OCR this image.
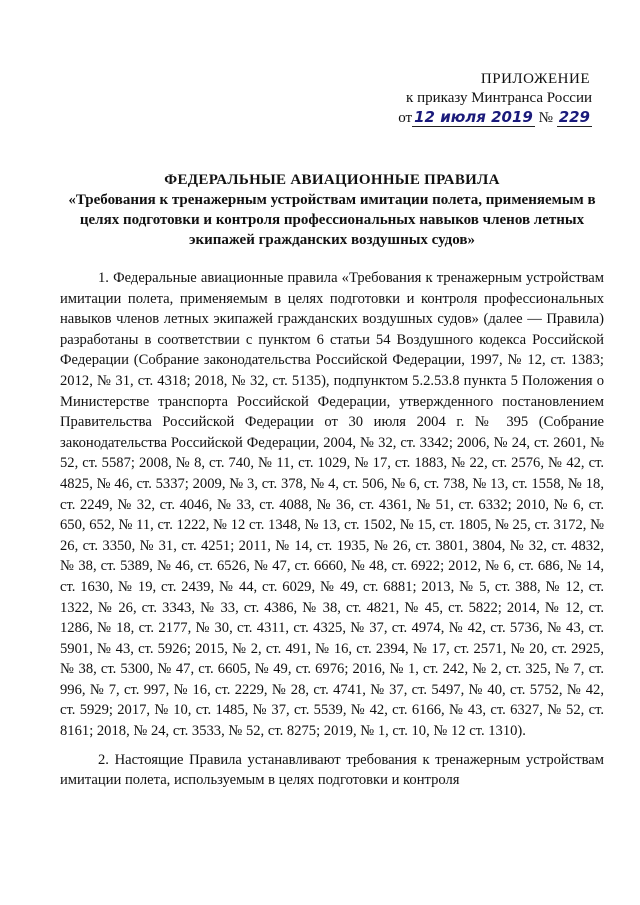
ПРИЛОЖЕНИЕ
к приказу Минтранса России
от 12 июля 2019 № 229
ФЕДЕРАЛЬНЫЕ АВИАЦИОННЫЕ ПРАВИЛА
«Требования к тренажерным устройствам имитации полета, применяемым в целях подготовки и контроля профессиональных навыков членов летных экипажей гражданских воздушных судов»

1. Федеральные авиационные правила «Требования к тренажерным устройствам имитации полета, применяемым в целях подготовки и контроля профессиональных навыков членов летных экипажей гражданских воздушных судов» (далее — Правила) разработаны в соответствии с пунктом 6 статьи 54 Воздушного кодекса Российской Федерации (Собрание законодательства Российской Федерации, 1997, № 12, ст. 1383; 2012, № 31, ст. 4318; 2018, № 32, ст. 5135), подпунктом 5.2.53.8 пункта 5 Положения о Министерстве транспорта Российской Федерации, утвержденного постановлением Правительства Российской Федерации от 30 июля 2004 г. № 395 (Собрание законодательства Российской Федерации, 2004, № 32, ст. 3342; 2006, № 24, ст. 2601, № 52, ст. 5587; 2008, № 8, ст. 740, № 11, ст. 1029, № 17, ст. 1883, № 22, ст. 2576, № 42, ст. 4825, № 46, ст. 5337; 2009, № 3, ст. 378, № 4, ст. 506, № 6, ст. 738, № 13, ст. 1558, № 18, ст. 2249, № 32, ст. 4046, № 33, ст. 4088, № 36, ст. 4361, № 51, ст. 6332; 2010, № 6, ст. 650, 652, № 11, ст. 1222, № 12 ст. 1348, № 13, ст. 1502, № 15, ст. 1805, № 25, ст. 3172, № 26, ст. 3350, № 31, ст. 4251; 2011, № 14, ст. 1935, № 26, ст. 3801, 3804, № 32, ст. 4832, № 38, ст. 5389, № 46, ст. 6526, № 47, ст. 6660, № 48, ст. 6922; 2012, № 6, ст. 686, № 14, ст. 1630, № 19, ст. 2439, № 44, ст. 6029, № 49, ст. 6881; 2013, № 5, ст. 388, № 12, ст. 1322, № 26, ст. 3343, № 33, ст. 4386, № 38, ст. 4821, № 45, ст. 5822; 2014, № 12, ст. 1286, № 18, ст. 2177, № 30, ст. 4311, ст. 4325, № 37, ст. 4974, № 42, ст. 5736, № 43, ст. 5901, № 43, ст. 5926; 2015, № 2, ст. 491, № 16, ст. 2394, № 17, ст. 2571, № 20, ст. 2925, № 38, ст. 5300, № 47, ст. 6605, № 49, ст. 6976; 2016, № 1, ст. 242, № 2, ст. 325, № 7, ст. 996, № 7, ст. 997, № 16, ст. 2229, № 28, ст. 4741, № 37, ст. 5497, № 40, ст. 5752, № 42, ст. 5929; 2017, № 10, ст. 1485, № 37, ст. 5539, № 42, ст. 6166, № 43, ст. 6327, № 52, ст. 8161; 2018, № 24, ст. 3533, № 52, ст. 8275; 2019, № 1, ст. 10, № 12 ст. 1310).

2. Настоящие Правила устанавливают требования к тренажерным устройствам имитации полета, используемым в целях подготовки и контроля
